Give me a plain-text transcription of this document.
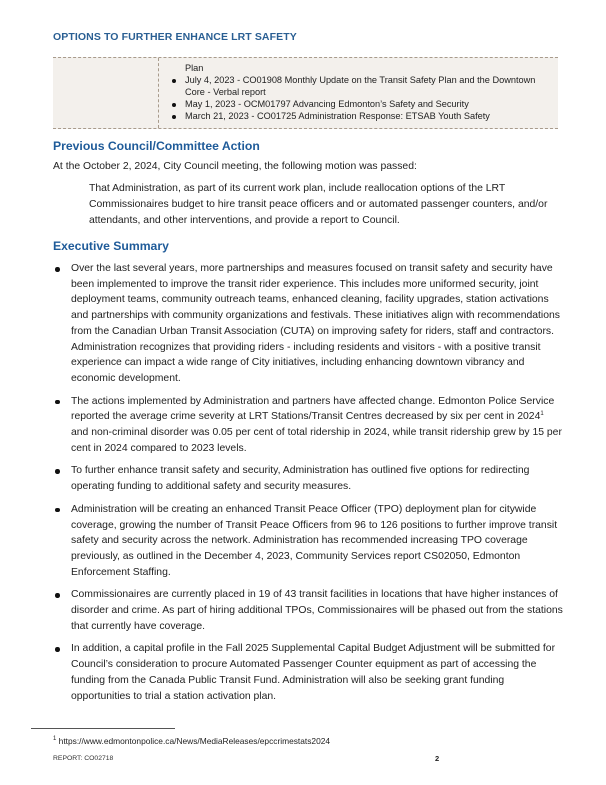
OPTIONS TO FURTHER ENHANCE LRT SAFETY
Plan
July 4, 2023 - CO01908 Monthly Update on the Transit Safety Plan and the Downtown Core - Verbal report
May 1, 2023 - OCM01797 Advancing Edmonton’s Safety and Security
March 21, 2023 - CO01725 Administration Response: ETSAB Youth Safety
Previous Council/Committee Action
At the October 2, 2024, City Council meeting, the following motion was passed:
That Administration, as part of its current work plan, include reallocation options of the LRT Commissionaires budget to hire transit peace officers and or automated passenger counters, and/or attendants, and other interventions, and provide a report to Council.
Executive Summary
Over the last several years, more partnerships and measures focused on transit safety and security have been implemented to improve the transit rider experience. This includes more uniformed security, joint deployment teams, community outreach teams, enhanced cleaning, facility upgrades, station activations and partnerships with community organizations and festivals. These initiatives align with recommendations from the Canadian Urban Transit Association (CUTA) on improving safety for riders, staff and contractors. Administration recognizes that providing riders - including residents and visitors - with a positive transit experience can impact a wide range of City initiatives, including enhancing downtown vibrancy and economic development.
The actions implemented by Administration and partners have affected change. Edmonton Police Service reported the average crime severity at LRT Stations/Transit Centres decreased by six per cent in 2024$^1$ and non-criminal disorder was 0.05 per cent of total ridership in 2024, while transit ridership grew by 15 per cent in 2024 compared to 2023 levels.
To further enhance transit safety and security, Administration has outlined five options for redirecting operating funding to additional safety and security measures.
Administration will be creating an enhanced Transit Peace Officer (TPO) deployment plan for citywide coverage, growing the number of Transit Peace Officers from 96 to 126 positions to further improve transit safety and security across the network. Administration has recommended increasing TPO coverage previously, as outlined in the December 4, 2023, Community Services report CS02050, Edmonton Enforcement Staffing.
Commissionaires are currently placed in 19 of 43 transit facilities in locations that have higher instances of disorder and crime. As part of hiring additional TPOs, Commissionaires will be phased out from the stations that currently have coverage.
In addition, a capital profile in the Fall 2025 Supplemental Capital Budget Adjustment will be submitted for Council’s consideration to procure Automated Passenger Counter equipment as part of accessing the funding from the Canada Public Transit Fund. Administration will also be seeking grant funding opportunities to trial a station activation plan.
$^1$ https://www.edmontonpolice.ca/News/MediaReleases/epccrimestats2024
REPORT: CO02718	2
